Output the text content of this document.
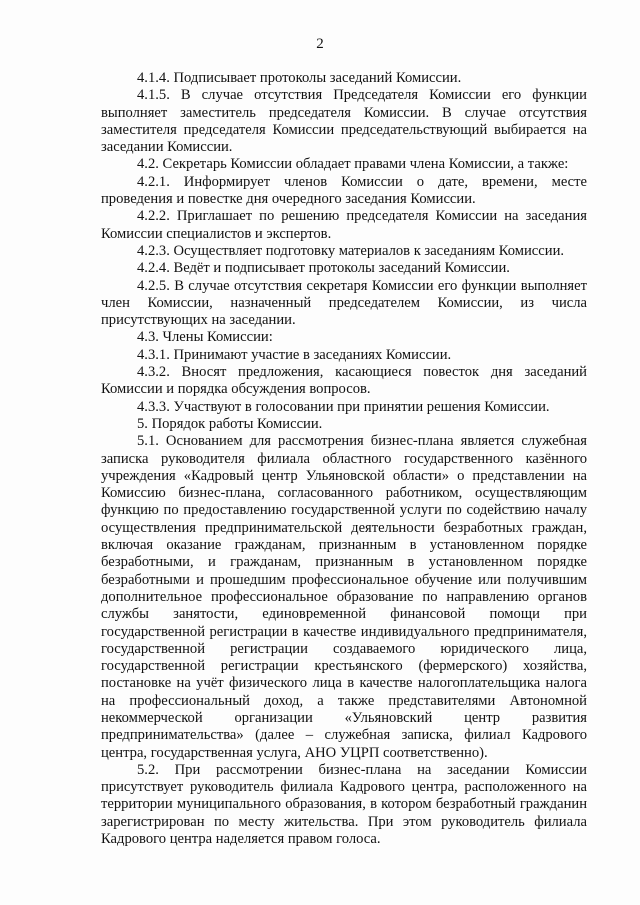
2

4.1.4. Подписывает протоколы заседаний Комиссии.

4.1.5. В случае отсутствия Председателя Комиссии его функции выполняет заместитель председателя Комиссии. В случае отсутствия заместителя председателя Комиссии председательствующий выбирается на заседании Комиссии.

4.2. Секретарь Комиссии обладает правами члена Комиссии, а также:

4.2.1. Информирует членов Комиссии о дате, времени, месте проведения и повестке дня очередного заседания Комиссии.

4.2.2. Приглашает по решению председателя Комиссии на заседания Комиссии специалистов и экспертов.

4.2.3. Осуществляет подготовку материалов к заседаниям Комиссии.

4.2.4. Ведёт и подписывает протоколы заседаний Комиссии.

4.2.5. В случае отсутствия секретаря Комиссии его функции выполняет член Комиссии, назначенный председателем Комиссии, из числа присутствующих на заседании.

4.3. Члены Комиссии:

4.3.1. Принимают участие в заседаниях Комиссии.

4.3.2. Вносят предложения, касающиеся повесток дня заседаний Комиссии и порядка обсуждения вопросов.

4.3.3. Участвуют в голосовании при принятии решения Комиссии.

5. Порядок работы Комиссии.

5.1. Основанием для рассмотрения бизнес-плана является служебная записка руководителя филиала областного государственного казённого учреждения «Кадровый центр Ульяновской области» о представлении на Комиссию бизнес-плана, согласованного работником, осуществляющим функцию по предоставлению государственной услуги по содействию началу осуществления предпринимательской деятельности безработных граждан, включая оказание гражданам, признанным в установленном порядке безработными, и гражданам, признанным в установленном порядке безработными и прошедшим профессиональное обучение или получившим дополнительное профессиональное образование по направлению органов службы занятости, единовременной финансовой помощи при государственной регистрации в качестве индивидуального предпринимателя, государственной регистрации создаваемого юридического лица, государственной регистрации крестьянского (фермерского) хозяйства, постановке на учёт физического лица в качестве налогоплательщика налога на профессиональный доход, а также представителями Автономной некоммерческой организации «Ульяновский центр развития предпринимательства» (далее – служебная записка, филиал Кадрового центра, государственная услуга, АНО УЦРП соответственно).

5.2. При рассмотрении бизнес-плана на заседании Комиссии присутствует руководитель филиала Кадрового центра, расположенного на территории муниципального образования, в котором безработный гражданин зарегистрирован по месту жительства. При этом руководитель филиала Кадрового центра наделяется правом голоса.
